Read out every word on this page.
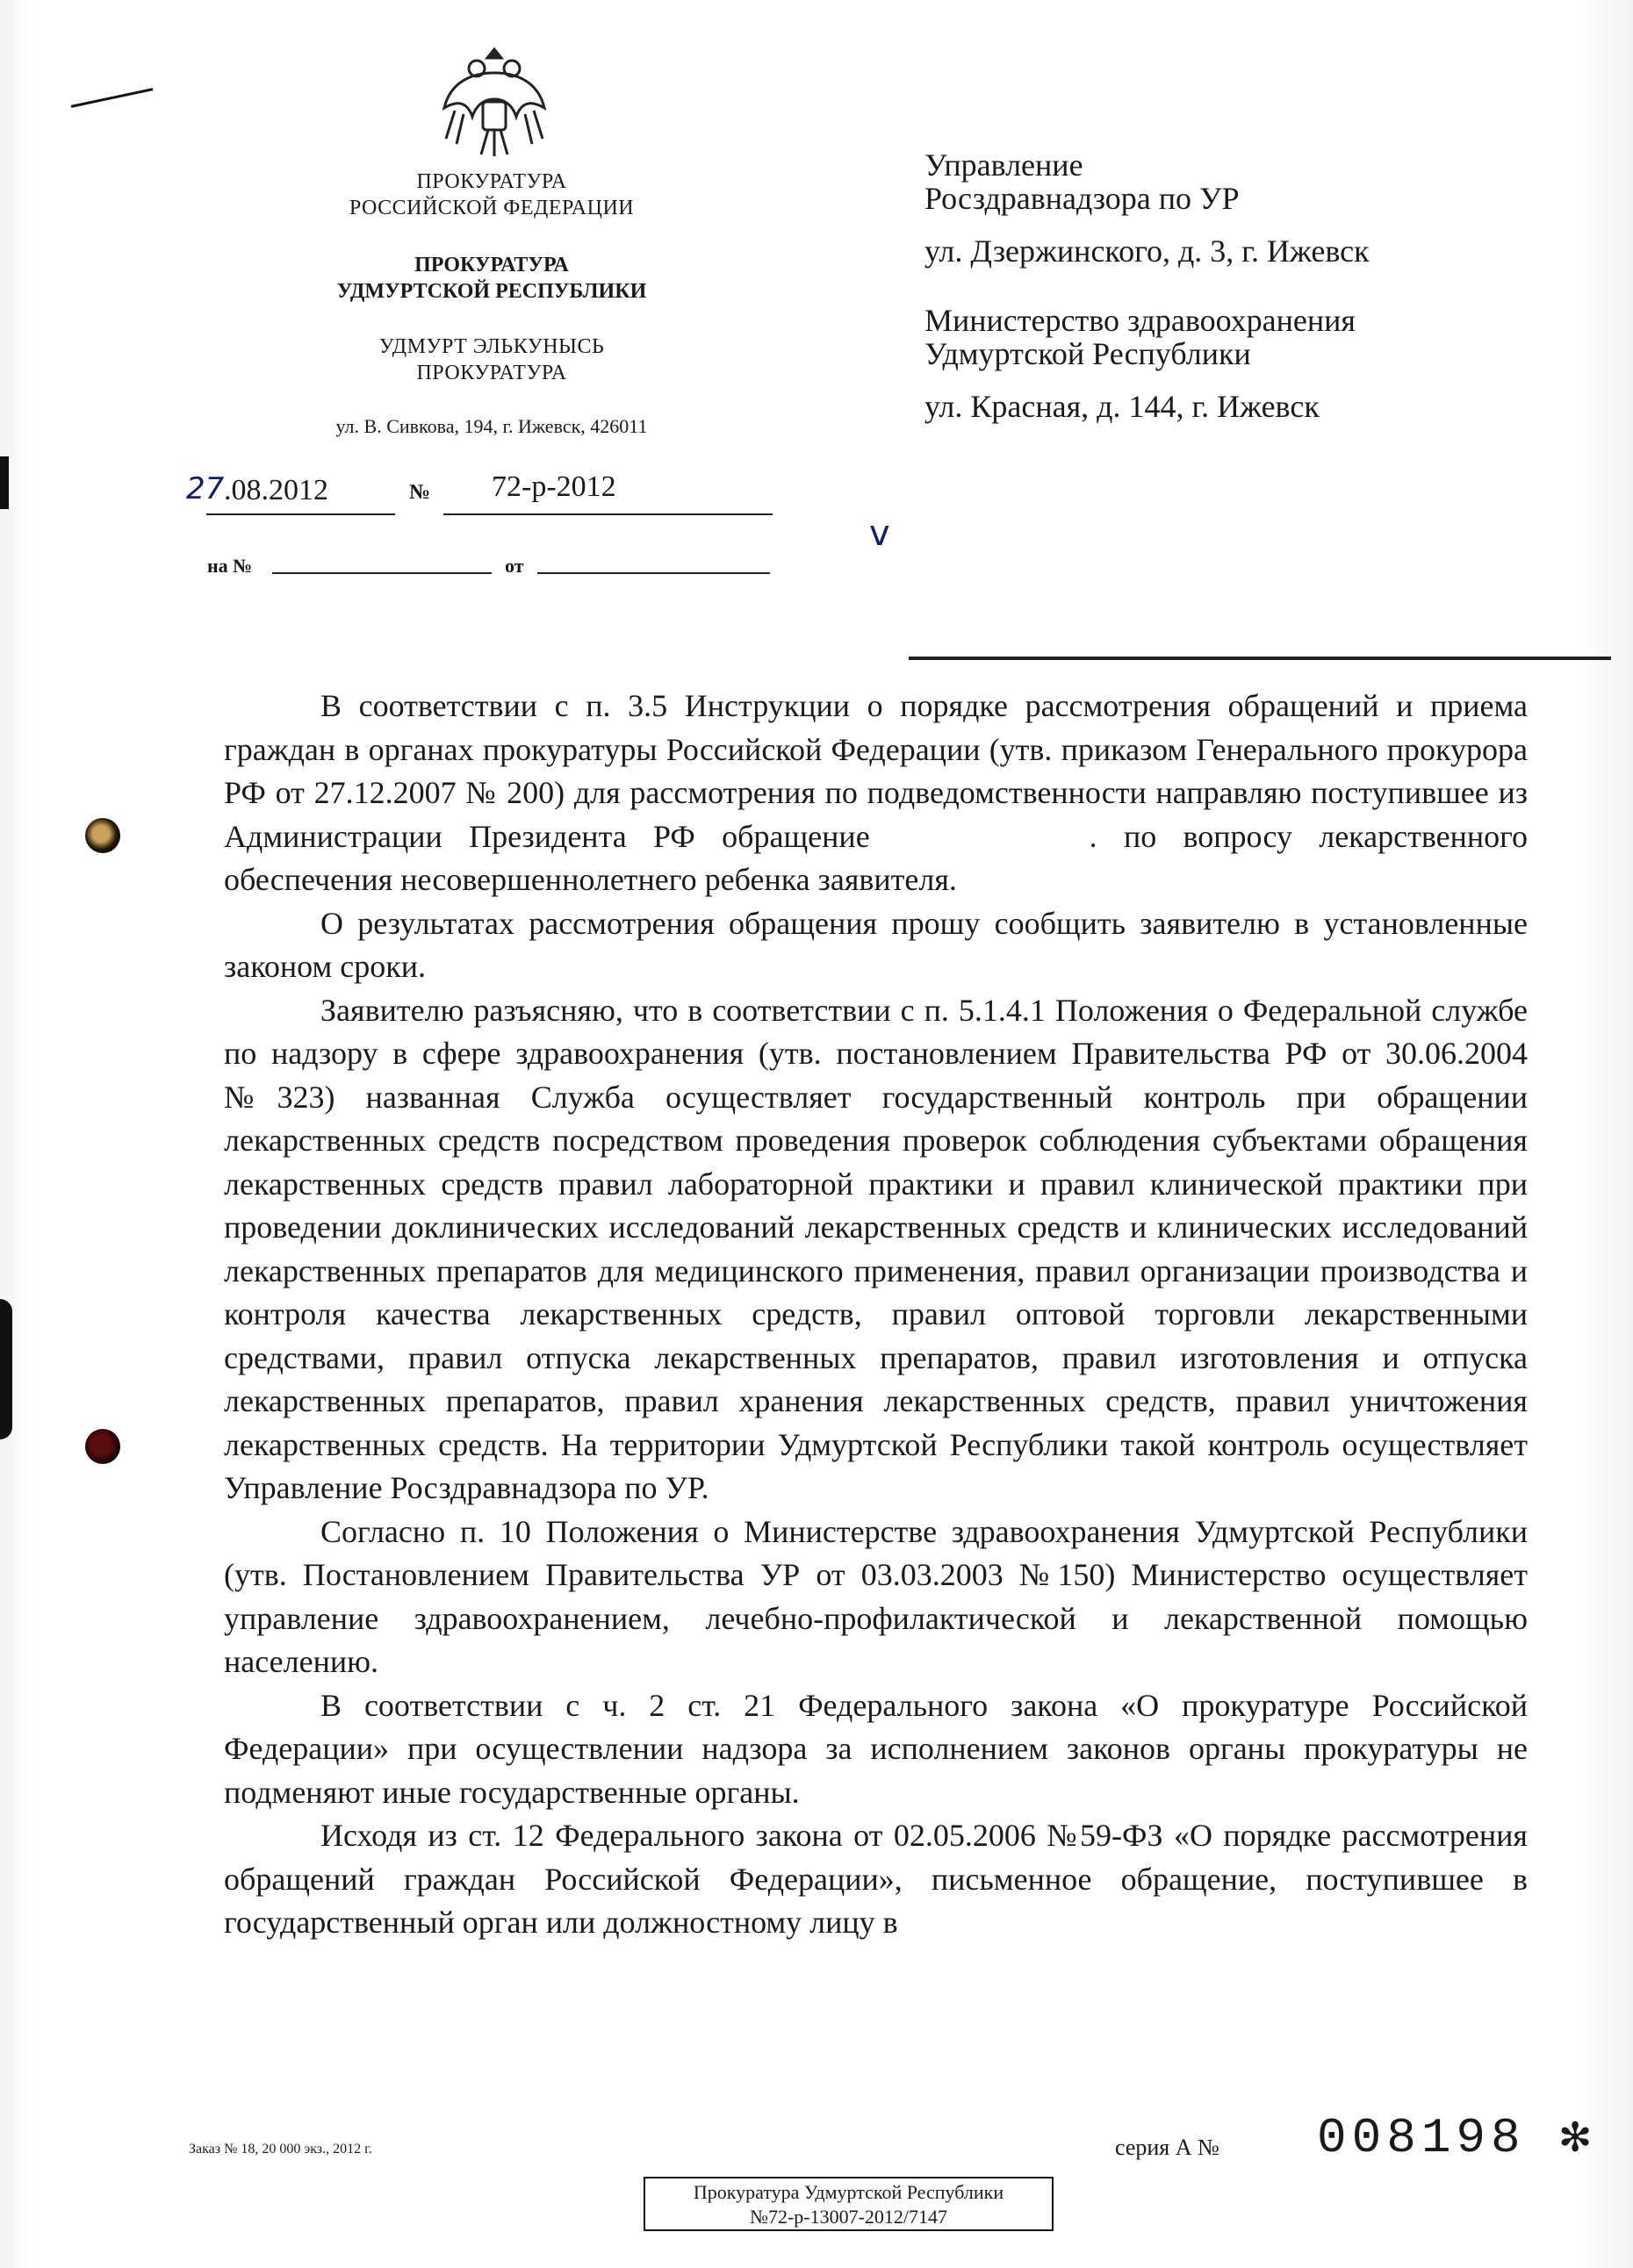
ПРОКУРАТУРА
РОССИЙСКОЙ ФЕДЕРАЦИИ
ПРОКУРАТУРА
УДМУРТСКОЙ РЕСПУБЛИКИ
УДМУРТ ЭЛЬКУНЫСЬ
ПРОКУРАТУРА
ул. В. Сивкова, 194, г. Ижевск, 426011
27 .08.2012	№ 72-р-2012
на №	от
v

Управление
Росздравнадзора по УР

ул. Дзержинского, д. 3, г. Ижевск

Министерство здравоохранения
Удмуртской Республики

ул. Красная, д. 144, г. Ижевск

В соответствии с п. 3.5 Инструкции о порядке рассмотрения обращений и приема граждан в органах прокуратуры Российской Федерации (утв. приказом Генерального прокурора РФ от 27.12.2007 № 200) для рассмотрения по подведомственности направляю поступившее из Администрации Президента РФ обращение	. по вопросу лекарственного обеспечения несовершеннолетнего ребенка заявителя.

О результатах рассмотрения обращения прошу сообщить заявителю в установленные законом сроки.

Заявителю разъясняю, что в соответствии с п. 5.1.4.1 Положения о Федеральной службе по надзору в сфере здравоохранения (утв. постановлением Правительства РФ от 30.06.2004 №323) названная Служба осуществляет государственный контроль при обращении лекарственных средств посредством проведения проверок соблюдения субъектами обращения лекарственных средств правил лабораторной практики и правил клинической практики при проведении доклинических исследований лекарственных средств и клинических исследований лекарственных препаратов для медицинского применения, правил организации производства и контроля качества лекарственных средств, правил оптовой торговли лекарственными средствами, правил отпуска лекарственных препаратов, правил изготовления и отпуска лекарственных препаратов, правил хранения лекарственных средств, правил уничтожения лекарственных средств. На территории Удмуртской Республики такой контроль осуществляет Управление Росздравнадзора по УР.

Согласно п. 10 Положения о Министерстве здравоохранения Удмуртской Республики (утв. Постановлением Правительства УР от 03.03.2003 №150) Министерство осуществляет управление здравоохранением, лечебно-профилактической и лекарственной помощью населению.

В соответствии с ч. 2 ст. 21 Федерального закона «О прокуратуре Российской Федерации» при осуществлении надзора за исполнением законов органы прокуратуры не подменяют иные государственные органы.

Исходя из ст. 12 Федерального закона от 02.05.2006 №59-ФЗ «О порядке рассмотрения обращений граждан Российской Федерации», письменное обращение, поступившее в государственный орган или должностному лицу в

Заказ № 18, 20 000 экз., 2012 г.	серия А № 008198 ✻
Прокуратура Удмуртской Республики
№72-р-13007-2012/7147
